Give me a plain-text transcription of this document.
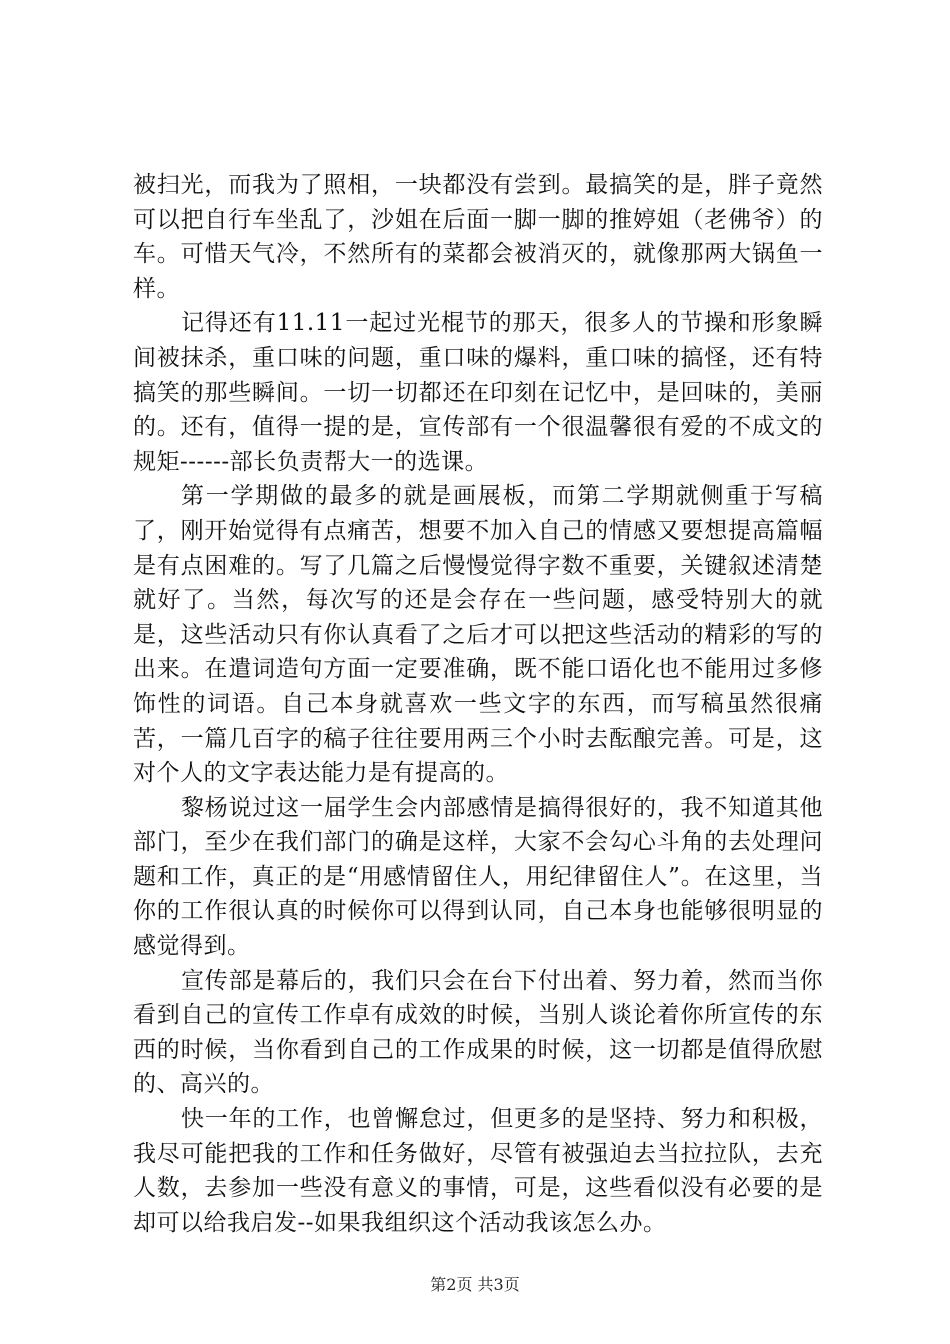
被扫光，而我为了照相，一块都没有尝到。最搞笑的是，胖子竟然可以把自行车坐乱了，沙姐在后面一脚一脚的推婷姐（老佛爷）的车。可惜天气冷，不然所有的菜都会被消灭的，就像那两大锅鱼一样。

记得还有11.11一起过光棍节的那天，很多人的节操和形象瞬间被抹杀，重口味的问题，重口味的爆料，重口味的搞怪，还有特搞笑的那些瞬间。一切一切都还在印刻在记忆中，是回味的，美丽的。还有，值得一提的是，宣传部有一个很温馨很有爱的不成文的规矩------部长负责帮大一的选课。

第一学期做的最多的就是画展板，而第二学期就侧重于写稿了，刚开始觉得有点痛苦，想要不加入自己的情感又要想提高篇幅是有点困难的。写了几篇之后慢慢觉得字数不重要，关键叙述清楚就好了。当然，每次写的还是会存在一些问题，感受特别大的就是，这些活动只有你认真看了之后才可以把这些活动的精彩的写的出来。在遣词造句方面一定要准确，既不能口语化也不能用过多修饰性的词语。自己本身就喜欢一些文字的东西，而写稿虽然很痛苦，一篇几百字的稿子往往要用两三个小时去酝酿完善。可是，这对个人的文字表达能力是有提高的。

黎杨说过这一届学生会内部感情是搞得很好的，我不知道其他部门，至少在我们部门的确是这样，大家不会勾心斗角的去处理问题和工作，真正的是“用感情留住人，用纪律留住人”。在这里，当你的工作很认真的时候你可以得到认同，自己本身也能够很明显的感觉得到。

宣传部是幕后的，我们只会在台下付出着、努力着，然而当你看到自己的宣传工作卓有成效的时候，当别人谈论着你所宣传的东西的时候，当你看到自己的工作成果的时候，这一切都是值得欣慰的、高兴的。

快一年的工作，也曾懈怠过，但更多的是坚持、努力和积极，我尽可能把我的工作和任务做好，尽管有被强迫去当拉拉队，去充人数，去参加一些没有意义的事情，可是，这些看似没有必要的是却可以给我启发--如果我组织这个活动我该怎么办。

第2页 共3页
